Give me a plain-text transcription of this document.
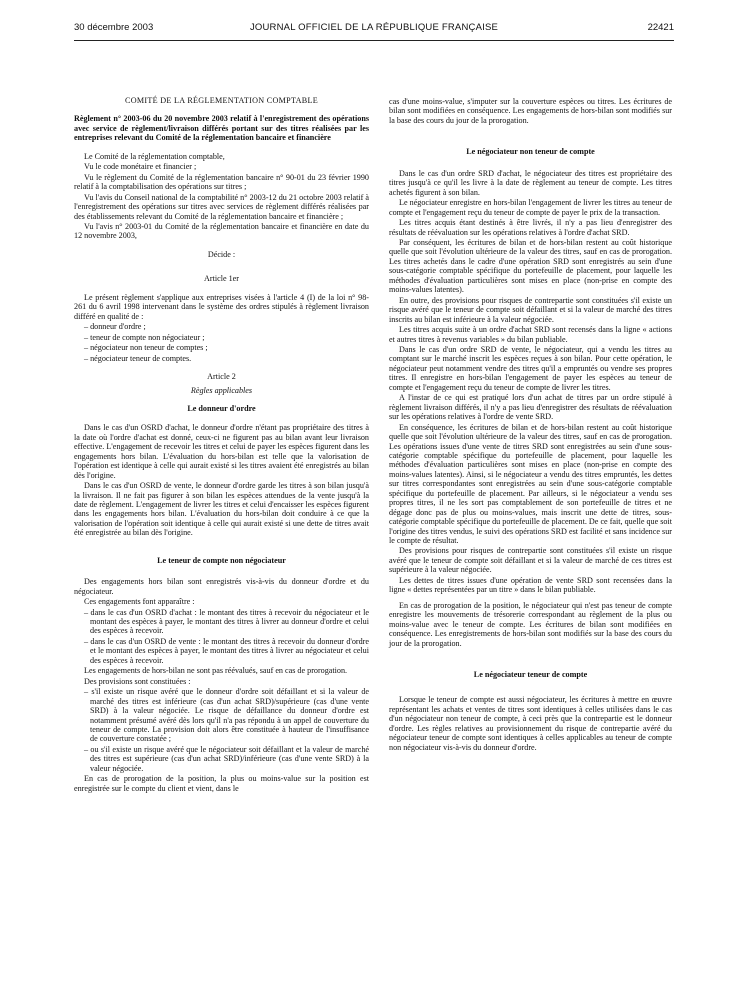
30 décembre 2003	JOURNAL OFFICIEL DE LA RÉPUBLIQUE FRANÇAISE	22421

COMITÉ DE LA RÉGLEMENTATION COMPTABLE

Règlement n° 2003-06 du 20 novembre 2003 relatif à l'enregistrement des opérations avec service de règlement/livraison différés portant sur des titres réalisées par les entreprises relevant du Comité de la réglementation bancaire et financière

Le Comité de la réglementation comptable,

Vu le code monétaire et financier ;

Vu le règlement du Comité de la réglementation bancaire n° 90-01 du 23 février 1990 relatif à la comptabilisation des opérations sur titres ;

Vu l'avis du Conseil national de la comptabilité n° 2003-12 du 21 octobre 2003 relatif à l'enregistrement des opérations sur titres avec services de règlement différés réalisées par des établissements relevant du Comité de la réglementation bancaire et financière ;

Vu l'avis n° 2003-01 du Comité de la réglementation bancaire et financière en date du 12 novembre 2003,

Décide :

Article 1er

Le présent règlement s'applique aux entreprises visées à l'article 4 (I) de la loi n° 98-261 du 6 avril 1998 intervenant dans le système des ordres stipulés à règlement livraison différé en qualité de :

– donneur d'ordre ;

– teneur de compte non négociateur ;

– négociateur non teneur de comptes ;

– négociateur teneur de comptes.

Article 2

Règles applicables

Le donneur d'ordre

Dans le cas d'un OSRD d'achat, le donneur d'ordre n'étant pas propriétaire des titres à la date où l'ordre d'achat est donné, ceux-ci ne figurent pas au bilan avant leur livraison effective. L'engagement de recevoir les titres et celui de payer les espèces figurent dans les engagements hors bilan. L'évaluation du hors-bilan est telle que la valorisation de l'opération est identique à celle qui aurait existé si les titres avaient été enregistrés au bilan dès l'origine.

Dans le cas d'un OSRD de vente, le donneur d'ordre garde les titres à son bilan jusqu'à la livraison. Il ne fait pas figurer à son bilan les espèces attendues de la vente jusqu'à la date de règlement. L'engagement de livrer les titres et celui d'encaisser les espèces figurent dans les engagements hors bilan. L'évaluation du hors-bilan doit conduire à ce que la valorisation de l'opération soit identique à celle qui aurait existé si une dette de titres avait été enregistrée au bilan dès l'origine.

Le teneur de compte non négociateur

Des engagements hors bilan sont enregistrés vis-à-vis du donneur d'ordre et du négociateur.

Ces engagements font apparaître :

– dans le cas d'un OSRD d'achat : le montant des titres à recevoir du négociateur et le montant des espèces à payer, le montant des titres à livrer au donneur d'ordre et celui des espèces à recevoir.

– dans le cas d'un OSRD de vente : le montant des titres à recevoir du donneur d'ordre et le montant des espèces à payer, le montant des titres à livrer au négociateur et celui des espèces à recevoir.

Les engagements de hors-bilan ne sont pas réévalués, sauf en cas de prorogation.

Des provisions sont constituées :

– s'il existe un risque avéré que le donneur d'ordre soit défaillant et si la valeur de marché des titres est inférieure (cas d'un achat SRD)/supérieure (cas d'une vente SRD) à la valeur négociée. Le risque de défaillance du donneur d'ordre est notamment présumé avéré dès lors qu'il n'a pas répondu à un appel de couverture du teneur de compte. La provision doit alors être constituée à hauteur de l'insuffisance de couverture constatée ;

– ou s'il existe un risque avéré que le négociateur soit défaillant et la valeur de marché des titres est supérieure (cas d'un achat SRD)/inférieure (cas d'une vente SRD) à la valeur négociée.

En cas de prorogation de la position, la plus ou moins-value sur la position est enregistrée sur le compte du client et vient, dans le

cas d'une moins-value, s'imputer sur la couverture espèces ou titres. Les écritures de bilan sont modifiées en conséquence. Les engagements de hors-bilan sont modifiés sur la base des cours du jour de la prorogation.

Le négociateur non teneur de compte

Dans le cas d'un ordre SRD d'achat, le négociateur des titres est propriétaire des titres jusqu'à ce qu'il les livre à la date de règlement au teneur de compte. Les titres achetés figurent à son bilan.

Le négociateur enregistre en hors-bilan l'engagement de livrer les titres au teneur de compte et l'engagement reçu du teneur de compte de payer le prix de la transaction.

Les titres acquis étant destinés à être livrés, il n'y a pas lieu d'enregistrer des résultats de réévaluation sur les opérations relatives à l'ordre d'achat SRD.

Par conséquent, les écritures de bilan et de hors-bilan restent au coût historique quelle que soit l'évolution ultérieure de la valeur des titres, sauf en cas de prorogation. Les titres achetés dans le cadre d'une opération SRD sont enregistrés au sein d'une sous-catégorie comptable spécifique du portefeuille de placement, pour laquelle les méthodes d'évaluation particulières sont mises en place (non-prise en compte des moins-values latentes).

En outre, des provisions pour risques de contrepartie sont constituées s'il existe un risque avéré que le teneur de compte soit défaillant et si la valeur de marché des titres inscrits au bilan est inférieure à la valeur négociée.

Les titres acquis suite à un ordre d'achat SRD sont recensés dans la ligne « actions et autres titres à revenus variables » du bilan publiable.

Dans le cas d'un ordre SRD de vente, le négociateur, qui a vendu les titres au comptant sur le marché inscrit les espèces reçues à son bilan. Pour cette opération, le négociateur peut notamment vendre des titres qu'il a empruntés ou vendre ses propres titres. Il enregistre en hors-bilan l'engagement de payer les espèces au teneur de compte et l'engagement reçu du teneur de compte de livrer les titres.

A l'instar de ce qui est pratiqué lors d'un achat de titres par un ordre stipulé à règlement livraison différés, il n'y a pas lieu d'enregistrer des résultats de réévaluation sur les opérations relatives à l'ordre de vente SRD.

En conséquence, les écritures de bilan et de hors-bilan restent au coût historique quelle que soit l'évolution ultérieure de la valeur des titres, sauf en cas de prorogation. Les opérations issues d'une vente de titres SRD sont enregistrées au sein d'une sous-catégorie comptable spécifique du portefeuille de placement, pour laquelle les méthodes d'évaluation particulières sont mises en place (non-prise en compte des moins-values latentes). Ainsi, si le négociateur a vendu des titres empruntés, les dettes sur titres correspondantes sont enregistrées au sein d'une sous-catégorie comptable spécifique du portefeuille de placement. Par ailleurs, si le négociateur a vendu ses propres titres, il ne les sort pas comptablement de son portefeuille de titres et ne dégage donc pas de plus ou moins-values, mais inscrit une dette de titres, sous-catégorie comptable spécifique du portefeuille de placement. De ce fait, quelle que soit l'origine des titres vendus, le suivi des opérations SRD est facilité et sans incidence sur le compte de résultat.

Des provisions pour risques de contrepartie sont constituées s'il existe un risque avéré que le teneur de compte soit défaillant et si la valeur de marché de ces titres est supérieure à la valeur négociée.

Les dettes de titres issues d'une opération de vente SRD sont recensées dans la ligne « dettes représentées par un titre » dans le bilan publiable.

En cas de prorogation de la position, le négociateur qui n'est pas teneur de compte enregistre les mouvements de trésorerie correspondant au règlement de la plus ou moins-value avec le teneur de compte. Les écritures de bilan sont modifiées en conséquence. Les enregistrements de hors-bilan sont modifiés sur la base des cours du jour de la prorogation.

Le négociateur teneur de compte

Lorsque le teneur de compte est aussi négociateur, les écritures à mettre en œuvre représentant les achats et ventes de titres sont identiques à celles utilisées dans le cas d'un négociateur non teneur de compte, à ceci près que la contrepartie est le donneur d'ordre. Les règles relatives au provisionnement du risque de contrepartie avéré du négociateur teneur de compte sont identiques à celles applicables au teneur de compte non négociateur vis-à-vis du donneur d'ordre.
